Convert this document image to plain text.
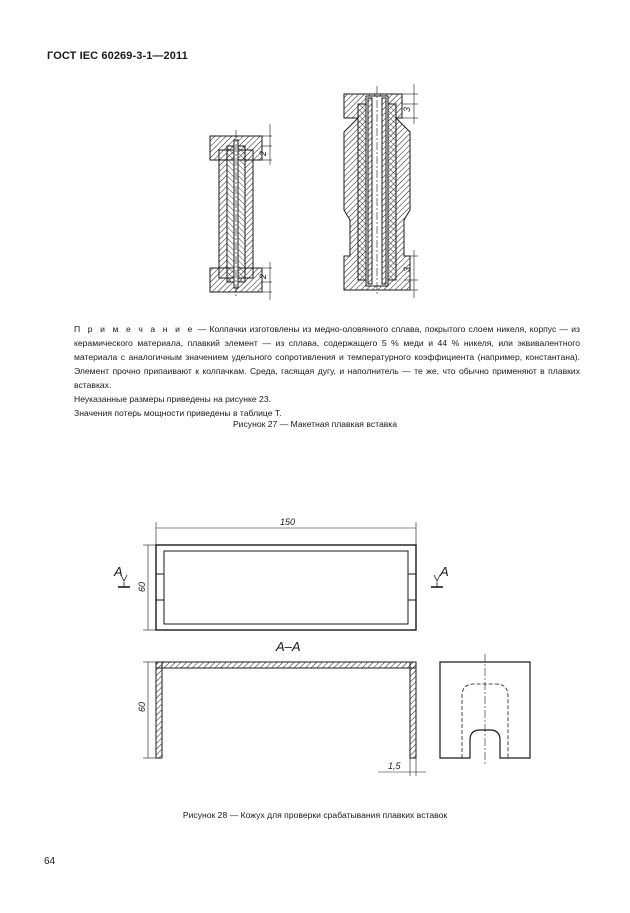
ГОСТ IEC 60269-3-1—2011
2
2
3
3
150
60
А	А
А–А
60
1,5

П р и м е ч а н и е — Колпачки изготовлены из медно-оловянного сплава, покрытого слоем никеля, корпус — из керамического материала, плавкий элемент — из сплава, содержащего 5 % меди и 44 % никеля, или эквивалентного материала с аналогичным значением удельного сопротивления и температурного коэффициента (например, константана). Элемент прочно припаивают к колпачкам. Среда, гасящая дугу, и наполнитель — те же, что обычно применяют в плавких вставках.

Неуказанные размеры приведены на рисунке 23.

Значения потерь мощности приведены в таблице Т.

Рисунок 27 — Макетная плавкая вставка
Рисунок 28 — Кожух для проверки срабатывания плавких вставок
64
